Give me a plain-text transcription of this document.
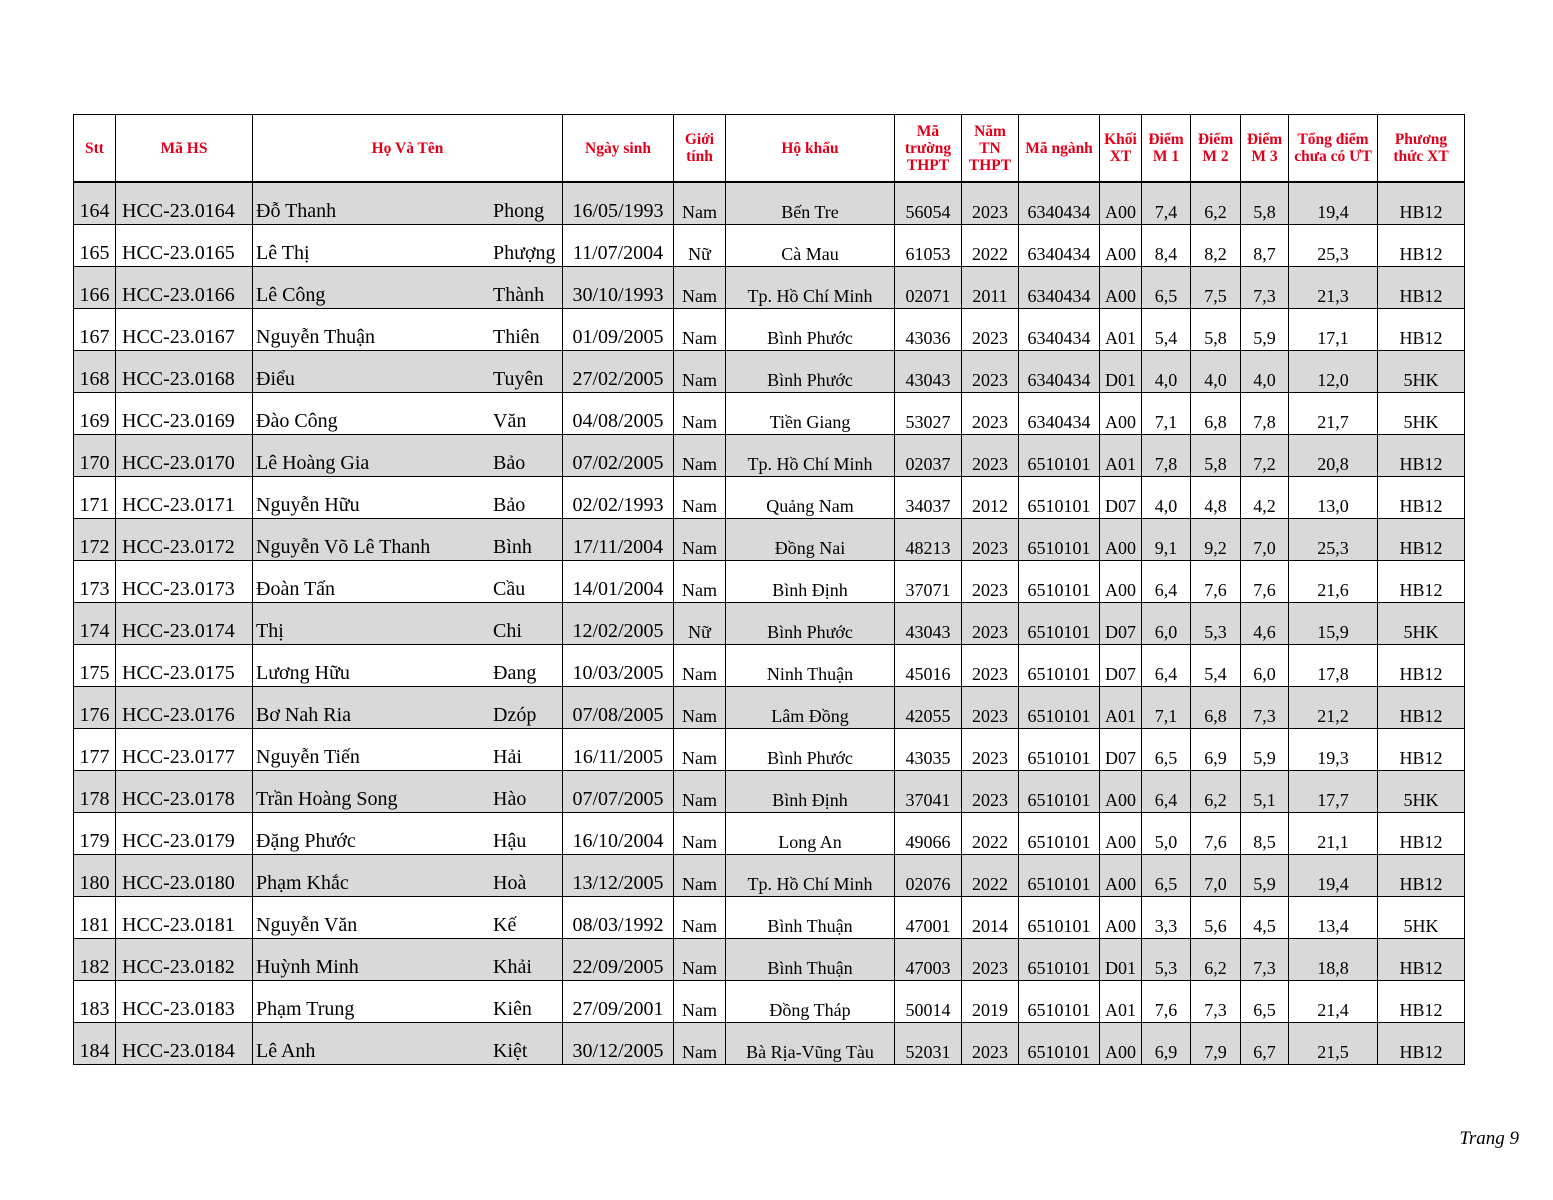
Stt	Mã HS	Họ Và Tên	Ngày sinh	Giới tính	Hộ khẩu	Mã trường THPT	Năm TN THPT	Mã ngành	Khối XT	Điểm M 1	Điểm M 2	Điểm M 3	Tổng điểm chưa có ƯT	Phương thức XT
164	HCC-23.0164	Đỗ Thanh Phong	16/05/1993	Nam	Bến Tre	56054	2023	6340434	A00	7,4	6,2	5,8	19,4	HB12
165	HCC-23.0165	Lê Thị Phượng	11/07/2004	Nữ	Cà Mau	61053	2022	6340434	A00	8,4	8,2	8,7	25,3	HB12
166	HCC-23.0166	Lê Công Thành	30/10/1993	Nam	Tp. Hồ Chí Minh	02071	2011	6340434	A00	6,5	7,5	7,3	21,3	HB12
167	HCC-23.0167	Nguyễn Thuận Thiên	01/09/2005	Nam	Bình Phước	43036	2023	6340434	A01	5,4	5,8	5,9	17,1	HB12
168	HCC-23.0168	Điểu Tuyên	27/02/2005	Nam	Bình Phước	43043	2023	6340434	D01	4,0	4,0	4,0	12,0	5HK
169	HCC-23.0169	Đào Công Văn	04/08/2005	Nam	Tiền Giang	53027	2023	6340434	A00	7,1	6,8	7,8	21,7	5HK
170	HCC-23.0170	Lê Hoàng Gia Bảo	07/02/2005	Nam	Tp. Hồ Chí Minh	02037	2023	6510101	A01	7,8	5,8	7,2	20,8	HB12
171	HCC-23.0171	Nguyễn Hữu Bảo	02/02/1993	Nam	Quảng Nam	34037	2012	6510101	D07	4,0	4,8	4,2	13,0	HB12
172	HCC-23.0172	Nguyễn Võ Lê Thanh Bình	17/11/2004	Nam	Đồng Nai	48213	2023	6510101	A00	9,1	9,2	7,0	25,3	HB12
173	HCC-23.0173	Đoàn Tấn Cầu	14/01/2004	Nam	Bình Định	37071	2023	6510101	A00	6,4	7,6	7,6	21,6	HB12
174	HCC-23.0174	Thị Chi	12/02/2005	Nữ	Bình Phước	43043	2023	6510101	D07	6,0	5,3	4,6	15,9	5HK
175	HCC-23.0175	Lương Hữu Đang	10/03/2005	Nam	Ninh Thuận	45016	2023	6510101	D07	6,4	5,4	6,0	17,8	HB12
176	HCC-23.0176	Bơ Nah Ria Dzóp	07/08/2005	Nam	Lâm Đồng	42055	2023	6510101	A01	7,1	6,8	7,3	21,2	HB12
177	HCC-23.0177	Nguyễn Tiến Hải	16/11/2005	Nam	Bình Phước	43035	2023	6510101	D07	6,5	6,9	5,9	19,3	HB12
178	HCC-23.0178	Trần Hoàng Song Hào	07/07/2005	Nam	Bình Định	37041	2023	6510101	A00	6,4	6,2	5,1	17,7	5HK
179	HCC-23.0179	Đặng Phước Hậu	16/10/2004	Nam	Long An	49066	2022	6510101	A00	5,0	7,6	8,5	21,1	HB12
180	HCC-23.0180	Phạm Khắc Hoà	13/12/2005	Nam	Tp. Hồ Chí Minh	02076	2022	6510101	A00	6,5	7,0	5,9	19,4	HB12
181	HCC-23.0181	Nguyễn Văn Kế	08/03/1992	Nam	Bình Thuận	47001	2014	6510101	A00	3,3	5,6	4,5	13,4	5HK
182	HCC-23.0182	Huỳnh Minh Khải	22/09/2005	Nam	Bình Thuận	47003	2023	6510101	D01	5,3	6,2	7,3	18,8	HB12
183	HCC-23.0183	Phạm Trung Kiên	27/09/2001	Nam	Đồng Tháp	50014	2019	6510101	A01	7,6	7,3	6,5	21,4	HB12
184	HCC-23.0184	Lê Anh Kiệt	30/12/2005	Nam	Bà Rịa-Vũng Tàu	52031	2023	6510101	A00	6,9	7,9	6,7	21,5	HB12
Trang 9
